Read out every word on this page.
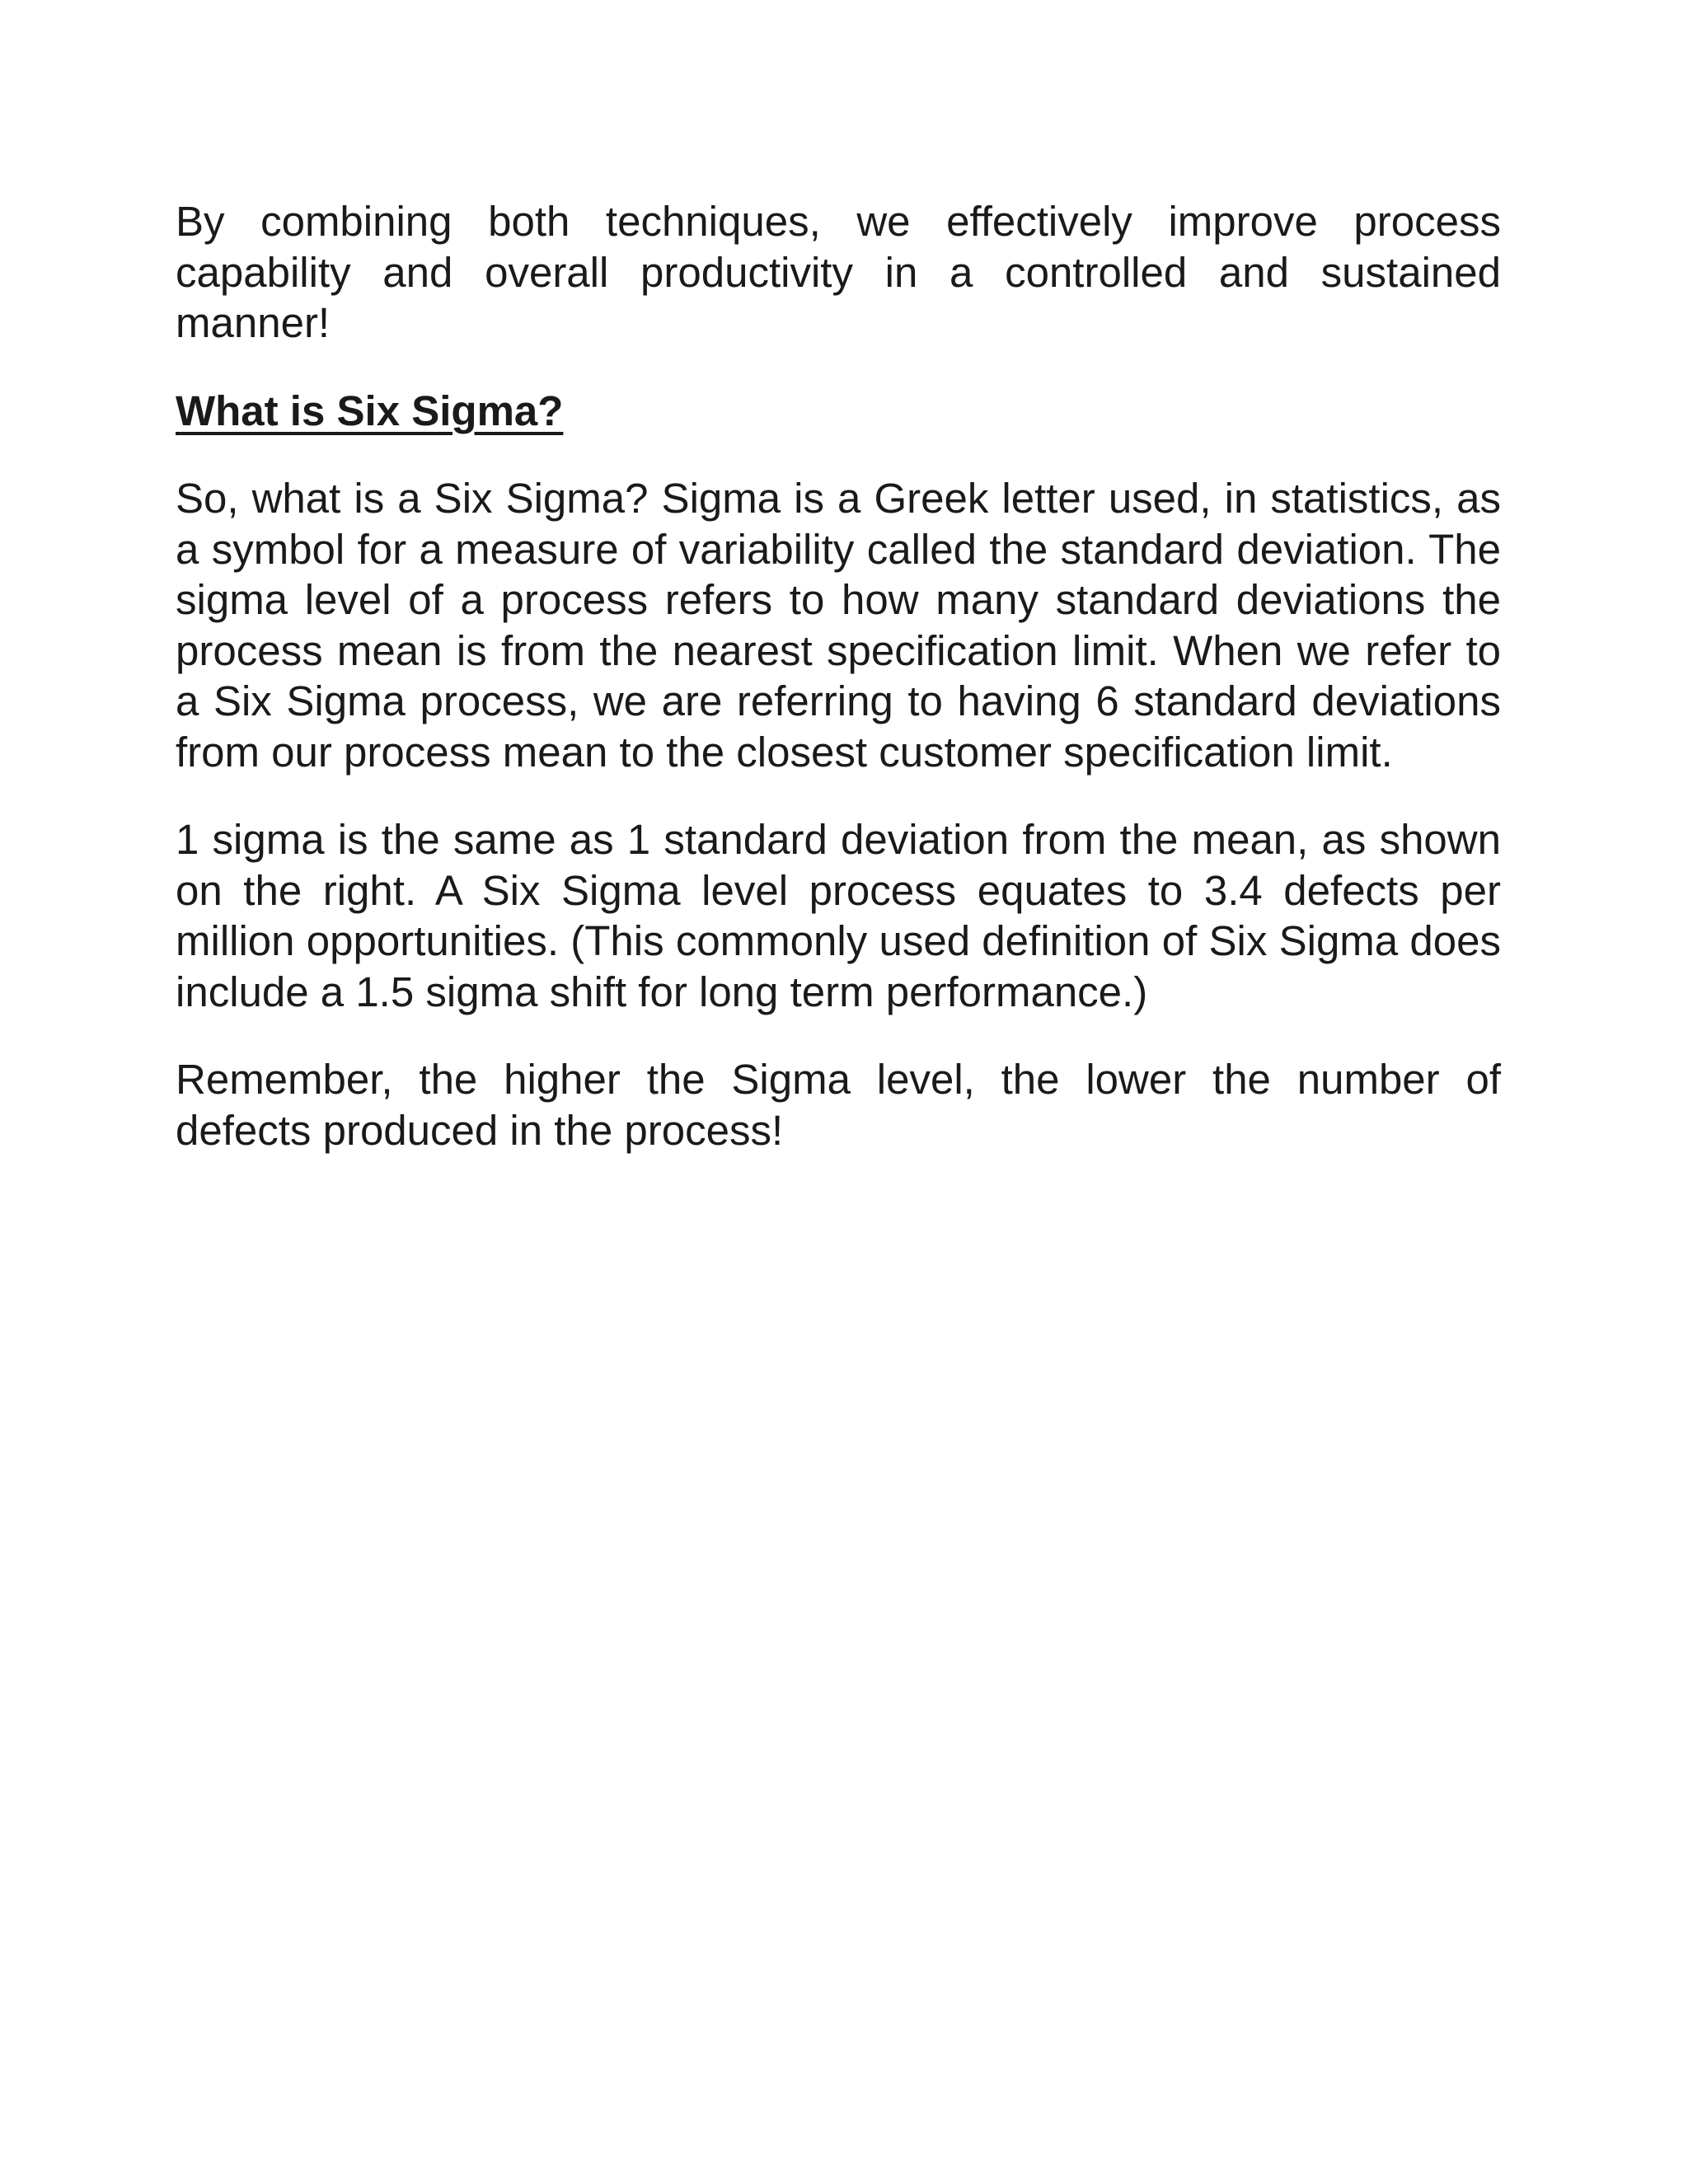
By combining both techniques, we effectively improve process capability and overall productivity in a controlled and sustained manner!

What is Six Sigma?

So, what is a Six Sigma? Sigma is a Greek letter used, in statistics, as a symbol for a measure of variability called the standard deviation. The sigma level of a process refers to how many standard deviations the process mean is from the nearest specification limit. When we refer to a Six Sigma process, we are referring to having 6 standard deviations from our process mean to the closest customer specification limit.

1 sigma is the same as 1 standard deviation from the mean, as shown on the right. A Six Sigma level process equates to 3.4 defects per million opportunities. (This commonly used definition of Six Sigma does include a 1.5 sigma shift for long term performance.)

Remember, the higher the Sigma level, the lower the number of defects produced in the process!
